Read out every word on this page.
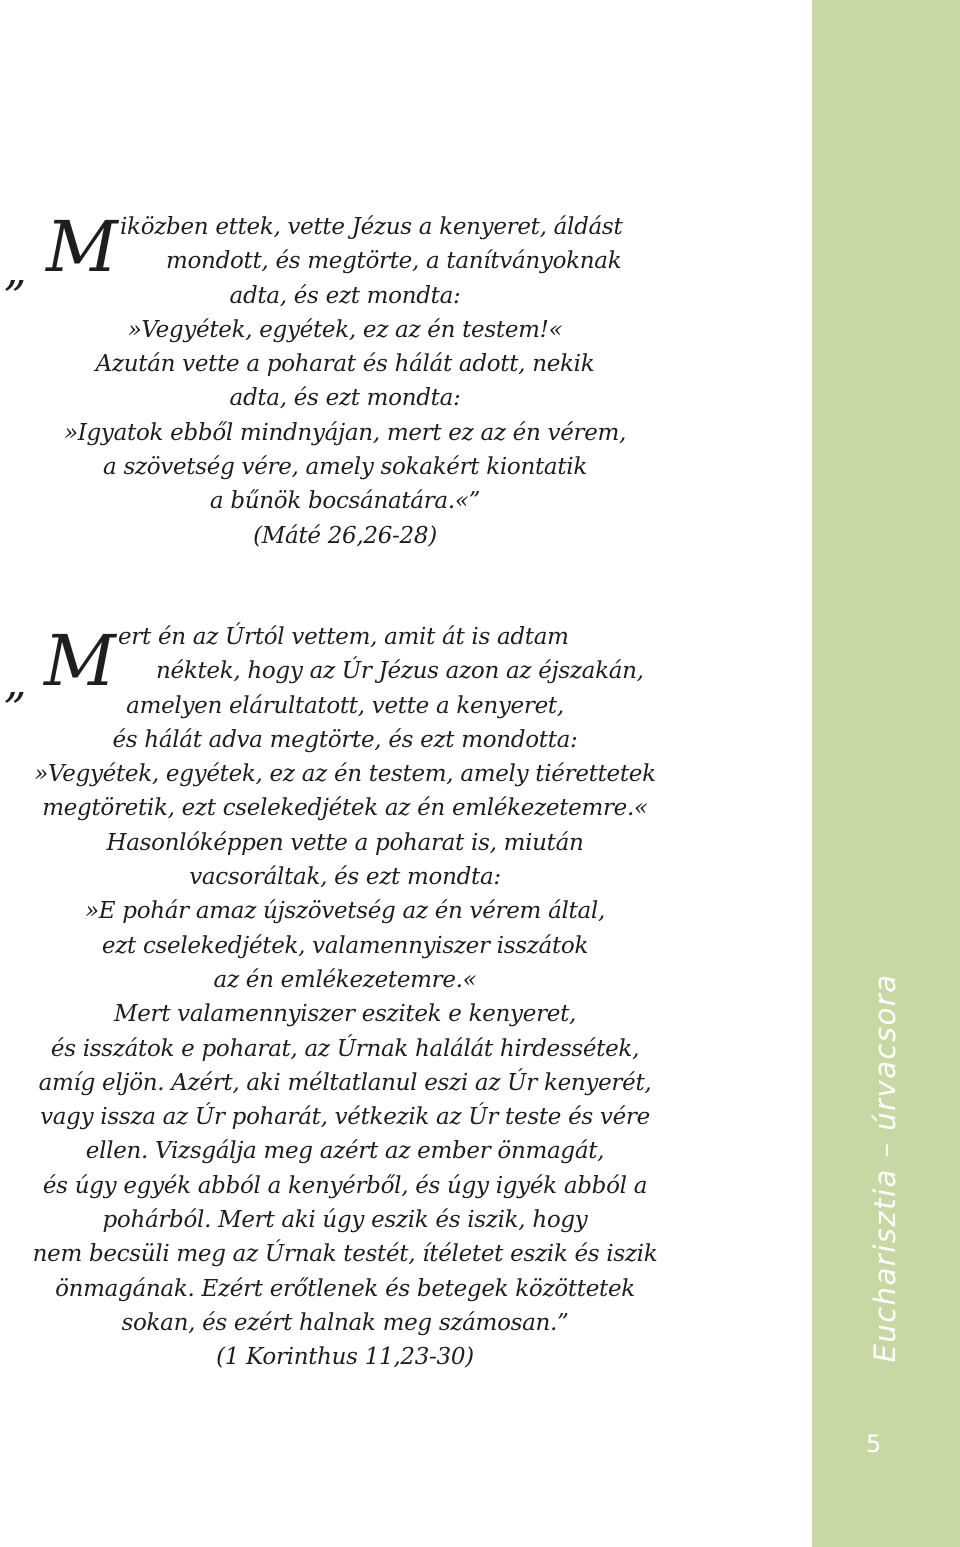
Eucharisztia – úrvacsora
5
„ M iközben ettek, vette Jézus a kenyeret, áldást
mondott, és megtörte, a tanítványoknak
adta, és ezt mondta:
»Vegyétek, egyétek, ez az én testem!«
Azután vette a poharat és hálát adott, nekik
adta, és ezt mondta:
»Igyatok ebből mindnyájan, mert ez az én vérem,
a szövetség vére, amely sokakért kiontatik
a bűnök bocsánatára.«”
(Máté 26,26-28)
„ M ert én az Úrtól vettem, amit át is adtam
néktek, hogy az Úr Jézus azon az éjszakán,
amelyen elárultatott, vette a kenyeret,
és hálát adva megtörte, és ezt mondotta:
»Vegyétek, egyétek, ez az én testem, amely tiérettetek
megtöretik, ezt cselekedjétek az én emlékezetemre.«
Hasonlóképpen vette a poharat is, miután
vacsoráltak, és ezt mondta:
»E pohár amaz újszövetség az én vérem által,
ezt cselekedjétek, valamennyiszer isszátok
az én emlékezetemre.«
Mert valamennyiszer eszitek e kenyeret,
és isszátok e poharat, az Úrnak halálát hirdessétek,
amíg eljön. Azért, aki méltatlanul eszi az Úr kenyerét,
vagy issza az Úr poharát, vétkezik az Úr teste és vére
ellen. Vizsgálja meg azért az ember önmagát,
és úgy egyék abból a kenyérből, és úgy igyék abból a
pohárból. Mert aki úgy eszik és iszik, hogy
nem becsüli meg az Úrnak testét, ítéletet eszik és iszik
önmagának. Ezért erőtlenek és betegek közöttetek
sokan, és ezért halnak meg számosan.”
(1 Korinthus 11,23-30)
